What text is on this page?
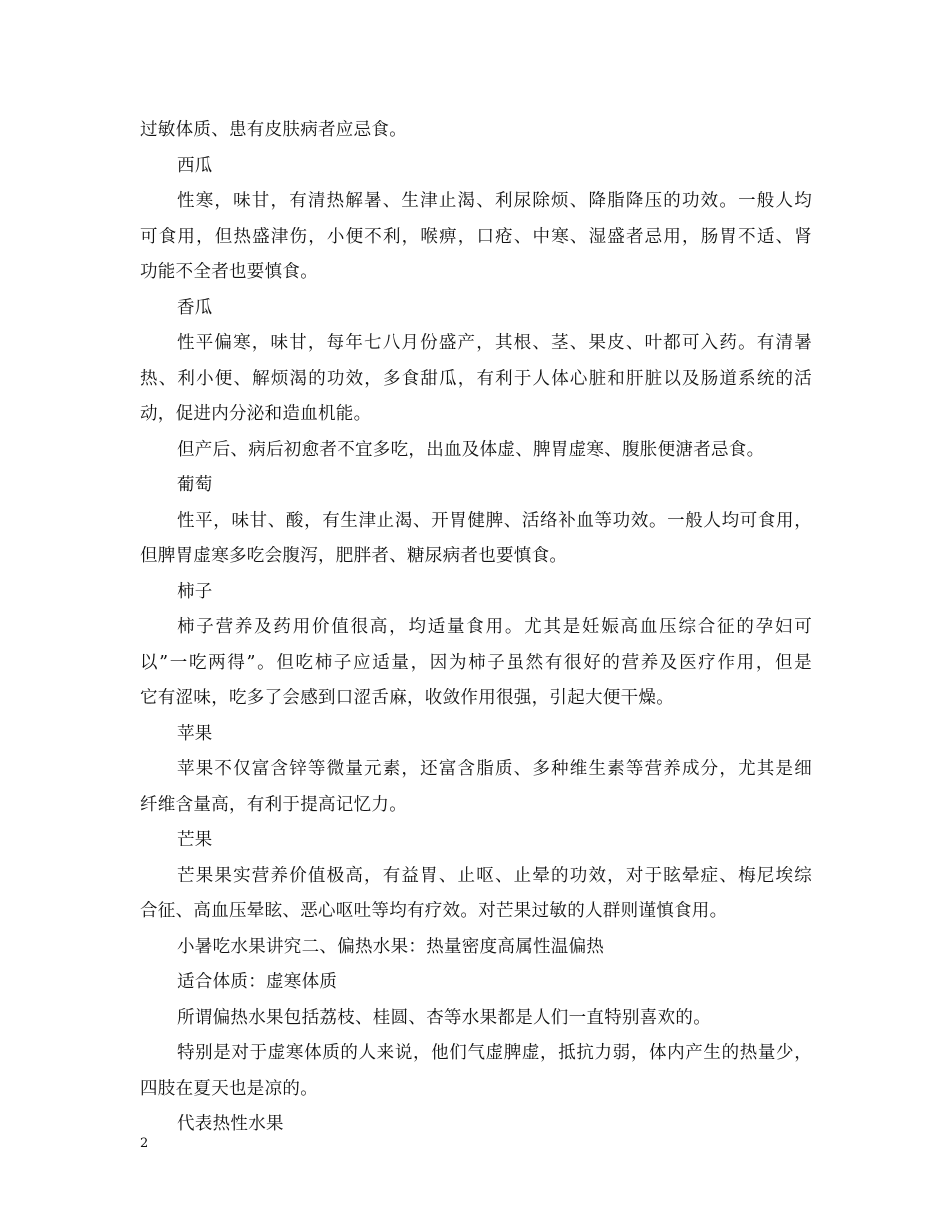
过敏体质、患有皮肤病者应忌食。
西瓜
性寒，味甘，有清热解暑、生津止渴、利尿除烦、降脂降压的功效。一般人均
可食用，但热盛津伤，小便不利，喉痹，口疮、中寒、湿盛者忌用，肠胃不适、肾
功能不全者也要慎食。
香瓜
性平偏寒，味甘，每年七八月份盛产，其根、茎、果皮、叶都可入药。有清暑
热、利小便、解烦渴的功效，多食甜瓜，有利于人体心脏和肝脏以及肠道系统的活
动，促进内分泌和造血机能。
但产后、病后初愈者不宜多吃，出血及体虚、脾胃虚寒、腹胀便溏者忌食。
葡萄
性平，味甘、酸，有生津止渴、开胃健脾、活络补血等功效。一般人均可食用，
但脾胃虚寒多吃会腹泻，肥胖者、糖尿病者也要慎食。
柿子
柿子营养及药用价值很高，均适量食用。尤其是妊娠高血压综合征的孕妇可
以”一吃两得”。但吃柿子应适量，因为柿子虽然有很好的营养及医疗作用，但是
它有涩味，吃多了会感到口涩舌麻，收敛作用很强，引起大便干燥。
苹果
苹果不仅富含锌等微量元素，还富含脂质、多种维生素等营养成分，尤其是细
纤维含量高，有利于提高记忆力。
芒果
芒果果实营养价值极高，有益胃、止呕、止晕的功效，对于眩晕症、梅尼埃综
合征、高血压晕眩、恶心呕吐等均有疗效。对芒果过敏的人群则谨慎食用。
小暑吃水果讲究二、偏热水果：热量密度高属性温偏热
适合体质：虚寒体质
所谓偏热水果包括荔枝、桂圆、杏等水果都是人们一直特别喜欢的。
特别是对于虚寒体质的人来说，他们气虚脾虚，抵抗力弱，体内产生的热量少，
四肢在夏天也是凉的。
代表热性水果
2
